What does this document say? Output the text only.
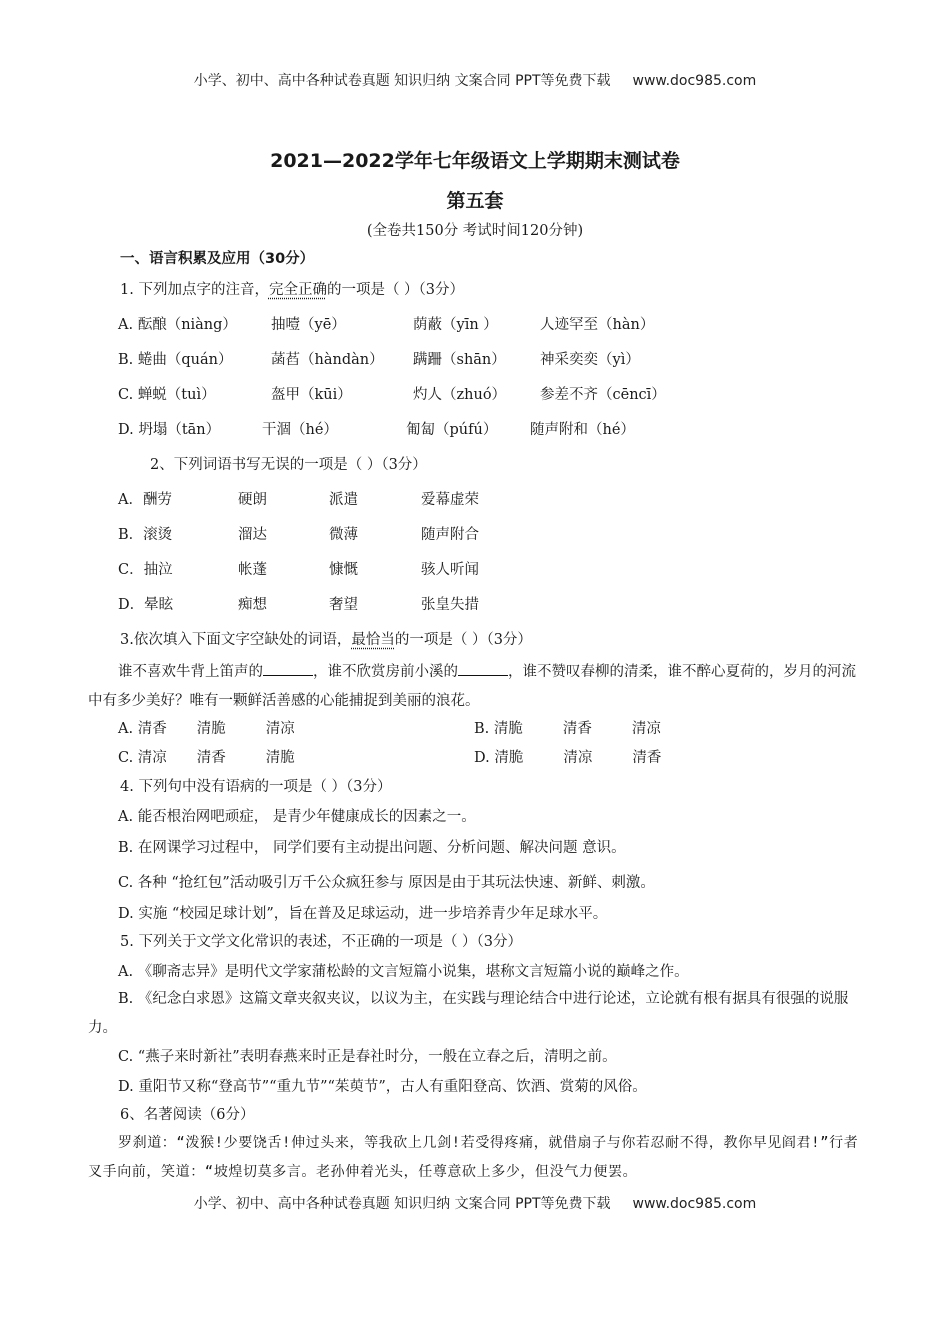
小学、初中、高中各种试卷真题 知识归纳 文案合同 PPT等免费下载 www.doc985.com
2021—2022学年七年级语文上学期期末测试卷
第五套
(全卷共150分 考试时间120分钟)
一、语言积累及应用（30分）
1. 下列加点字的注音，完全正确的一项是（ ）（3分）
A. 酝酿（niàng） 抽噎（yē）	荫蔽（yīn ）	人迹罕至（hàn）
B. 蜷曲（quán）	菡萏（hàndàn） 蹒跚（shān） 神采奕奕（yì）
C. 蝉蜕（tuì）	盔甲（kūi）	灼人（zhuó） 参差不齐（cēncī）
D. 坍塌（tān）	干涸（hé）	匍匐（púfú） 随声附和（hé）
2、下列词语书写无误的一项是（ ）（3分）
A．酬劳	硬朗	派遣	爱幕虚荣
B．滚烫	溜达	微薄	随声附合
C．抽泣	帐蓬	慷慨	骇人听闻
D．晕眩	痴想	奢望	张皇失措
3.依次填入下面文字空缺处的词语，最恰当的一项是（ ）（3分）
谁不喜欢牛背上笛声的	，谁不欣赏房前小溪的	，谁不赞叹春柳的清柔，谁不醉心夏荷的，岁月的河流中有多少美好？唯有一颗鲜活善感的心能捕捉到美丽的浪花。
A. 清香 清脆	清凉	B. 清脆	清香	清凉
C. 清凉 清香	清脆	D. 清脆	清凉	清香
4. 下列句中没有语病的一项是（ ）（3分）
A. 能否根治网吧顽症， 是青少年健康成长的因素之一。
B. 在网课学习过程中， 同学们要有主动提出问题、分析问题、解决问题 意识。
C. 各种 “抢红包”活动吸引万千公众疯狂参与 原因是由于其玩法快速、新鲜、刺激。
D. 实施 “校园足球计划”，旨在普及足球运动，进一步培养青少年足球水平。
5. 下列关于文学文化常识的表述，不正确的一项是（ ）（3分）
A. 《聊斋志异》是明代文学家蒲松龄的文言短篇小说集，堪称文言短篇小说的巅峰之作。
B. 《纪念白求恩》这篇文章夹叙夹议，以议为主，在实践与理论结合中进行论述，立论就有根有据具有很强的说服力。
C. “燕子来时新社”表明春燕来时正是春社时分，一般在立春之后，清明之前。
D. 重阳节又称“登高节”“重九节”“茱萸节”，古人有重阳登高、饮酒、赏菊的风俗。
6、名著阅读（6分）
罗刹道：“泼猴!少要饶舌!伸过头来，等我砍上几剑!若受得疼痛，就借扇子与你若忍耐不得，教你早见阎君!”行者叉手向前，笑道：“坡煌切莫多言。老孙伸着光头，任尊意砍上多少，但没气力便罢。
小学、初中、高中各种试卷真题 知识归纳 文案合同 PPT等免费下载 www.doc985.com
